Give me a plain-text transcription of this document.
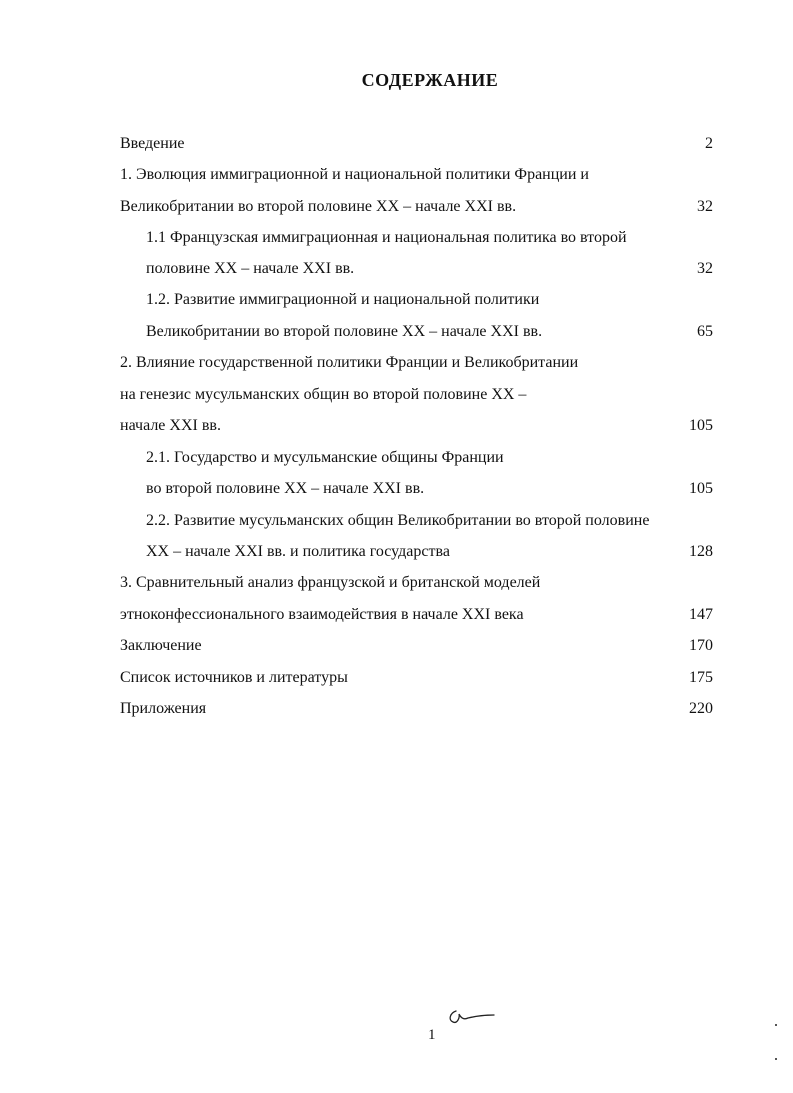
СОДЕРЖАНИЕ
Введение	2
1. Эволюция иммиграционной и национальной политики Франции и
Великобритании во второй половине XX – начале XXI вв.	32
1.1 Французская иммиграционная и национальная политика во второй
половине XX – начале XXI вв.	32
1.2. Развитие иммиграционной и национальной политики
Великобритании во второй половине XX – начале XXI вв.	65
2. Влияние государственной политики Франции и Великобритании
на генезис мусульманских общин во второй половине XX –
начале XXI вв.	105
2.1. Государство и мусульманские общины Франции
во второй половине XX – начале XXI вв.	105
2.2. Развитие мусульманских общин Великобритании во второй половине
XX – начале XXI вв. и политика государства	128
3. Сравнительный анализ французской и британской моделей
этноконфессионального взаимодействия в начале XXI века	147
Заключение	170
Список источников и литературы	175
Приложения	220
1
